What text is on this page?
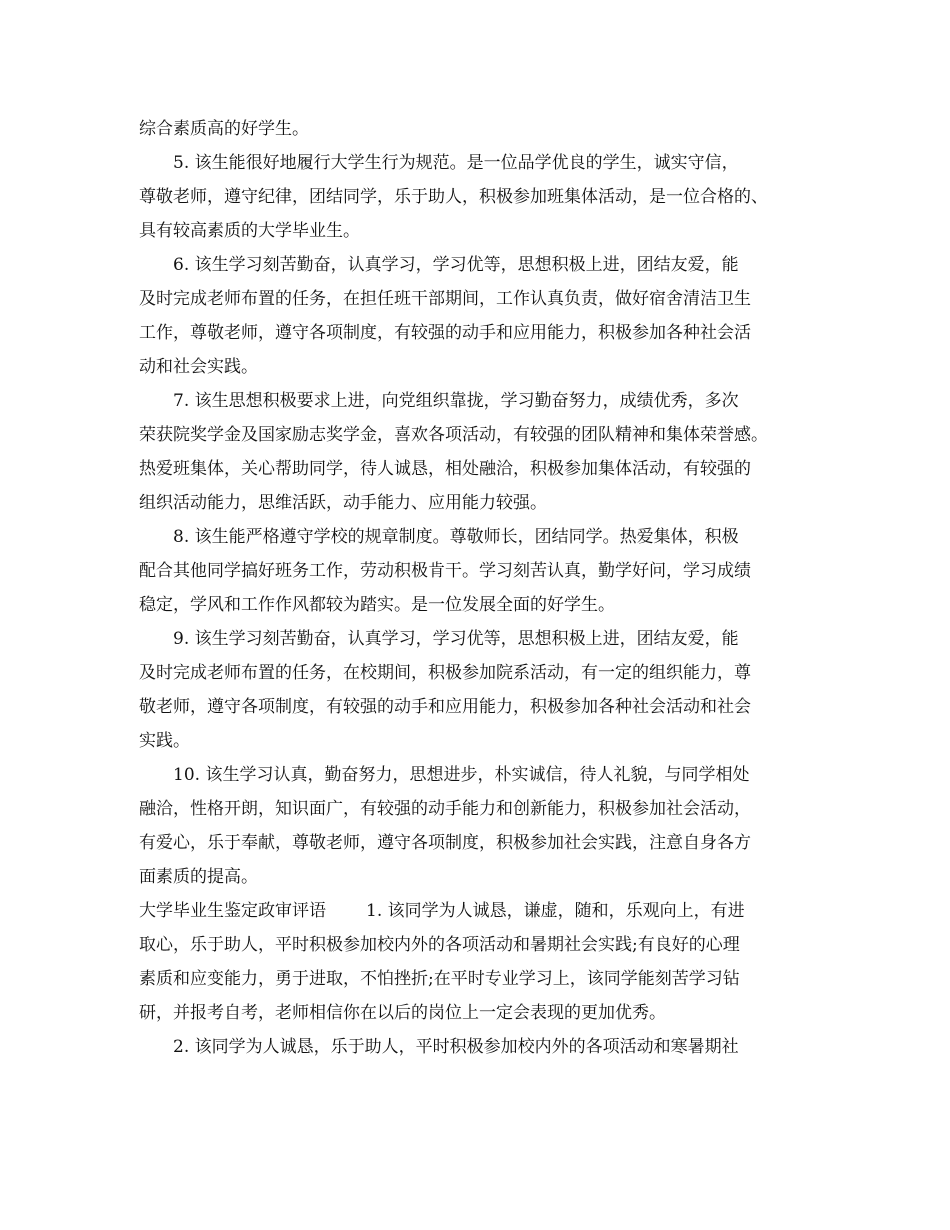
综合素质高的好学生。
5. 该生能很好地履行大学生行为规范。是一位品学优良的学生，诚实守信，
尊敬老师，遵守纪律，团结同学，乐于助人，积极参加班集体活动，是一位合格的、
具有较高素质的大学毕业生。
6. 该生学习刻苦勤奋，认真学习，学习优等，思想积极上进，团结友爱，能
及时完成老师布置的任务，在担任班干部期间，工作认真负责，做好宿舍清洁卫生
工作，尊敬老师，遵守各项制度，有较强的动手和应用能力，积极参加各种社会活
动和社会实践。
7. 该生思想积极要求上进，向党组织靠拢，学习勤奋努力，成绩优秀，多次
荣获院奖学金及国家励志奖学金，喜欢各项活动，有较强的团队精神和集体荣誉感。
热爱班集体，关心帮助同学，待人诚恳，相处融洽，积极参加集体活动，有较强的
组织活动能力，思维活跃，动手能力、应用能力较强。
8. 该生能严格遵守学校的规章制度。尊敬师长，团结同学。热爱集体，积极
配合其他同学搞好班务工作，劳动积极肯干。学习刻苦认真，勤学好问，学习成绩
稳定，学风和工作作风都较为踏实。是一位发展全面的好学生。
9. 该生学习刻苦勤奋，认真学习，学习优等，思想积极上进，团结友爱，能
及时完成老师布置的任务，在校期间，积极参加院系活动，有一定的组织能力，尊
敬老师，遵守各项制度，有较强的动手和应用能力，积极参加各种社会活动和社会
实践。
10. 该生学习认真，勤奋努力，思想进步，朴实诚信，待人礼貌，与同学相处
融洽，性格开朗，知识面广，有较强的动手能力和创新能力，积极参加社会活动，
有爱心，乐于奉献，尊敬老师，遵守各项制度，积极参加社会实践，注意自身各方
面素质的提高。
大学毕业生鉴定政审评语 1. 该同学为人诚恳，谦虚，随和，乐观向上，有进
取心，乐于助人，平时积极参加校内外的各项活动和暑期社会实践;有良好的心理
素质和应变能力，勇于进取，不怕挫折;在平时专业学习上，该同学能刻苦学习钻
研，并报考自考，老师相信你在以后的岗位上一定会表现的更加优秀。
2. 该同学为人诚恳，乐于助人，平时积极参加校内外的各项活动和寒暑期社
